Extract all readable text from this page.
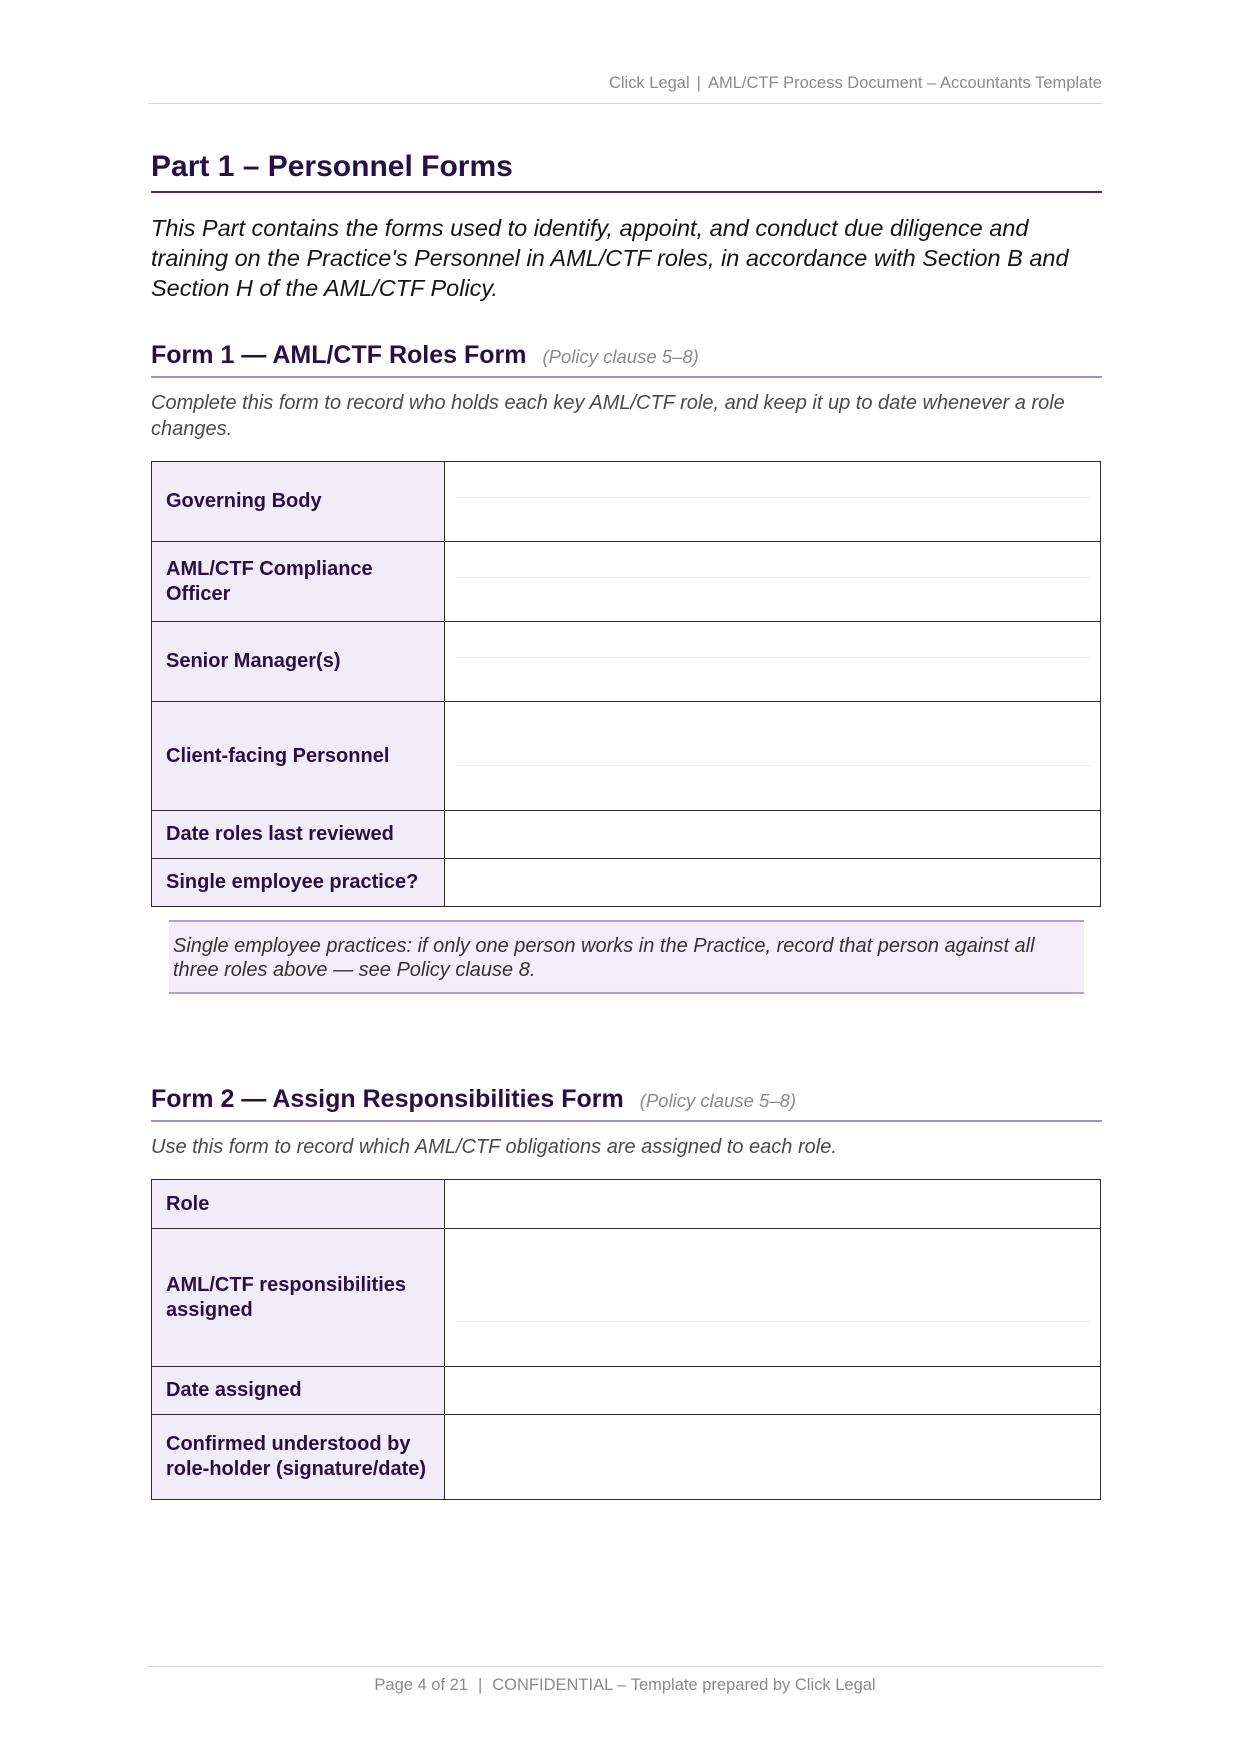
Click Legal | AML/CTF Process Document – Accountants Template
Part 1 – Personnel Forms

This Part contains the forms used to identify, appoint, and conduct due diligence and training on the Practice's Personnel in AML/CTF roles, in accordance with Section B and Section H of the AML/CTF Policy.

Form 1 — AML/CTF Roles Form (Policy clause 5–8)

Complete this form to record who holds each key AML/CTF role, and keep it up to date whenever a role changes.

Governing Body	

AML/CTF Compliance Officer	

Senior Manager(s)	

Client-facing Personnel	

Date roles last reviewed	
Single employee practice?	
Single employee practices: if only one person works in the Practice, record that person against all three roles above — see Policy clause 8.
Form 2 — Assign Responsibilities Form (Policy clause 5–8)

Use this form to record which AML/CTF obligations are assigned to each role.

Role	
AML/CTF responsibilities assigned	

Date assigned	
Confirmed understood by role-holder (signature/date)	
Page 4 of 21 | CONFIDENTIAL – Template prepared by Click Legal
